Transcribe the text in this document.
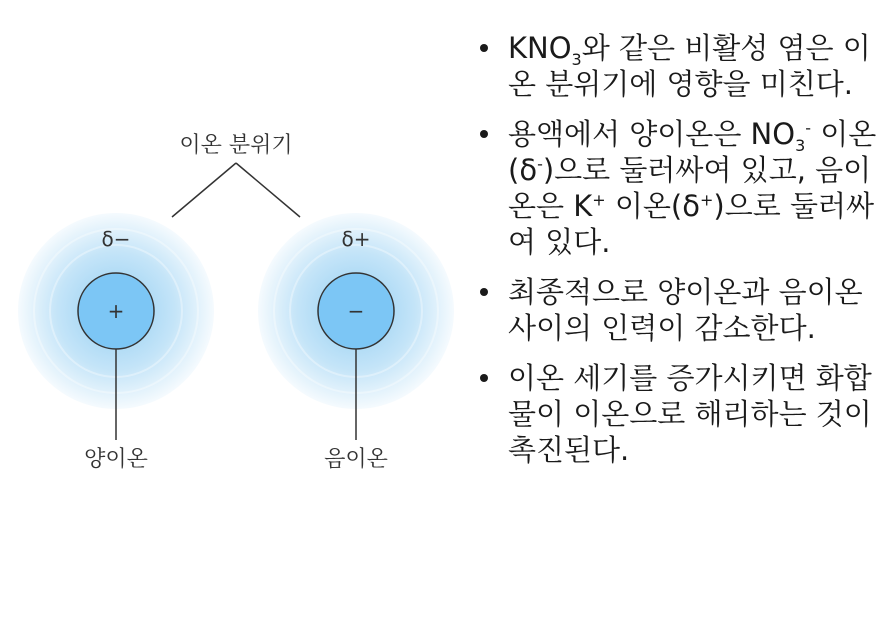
이온 분위기
+
δ−
양이온
−
δ+
음이온
$KNO_3$와 같은 비활성 염은 이온 분위기에 영향을 미친다.
용액에서 양이온은 $NO_3^-$ 이온(δ-)으로 둘러싸여 있고, 음이온은 K+ 이온(δ+)으로 둘러싸여 있다.
최종적으로 양이온과 음이온 사이의 인력이 감소한다.
이온 세기를 증가시키면 화합물이 이온으로 해리하는 것이 촉진된다.
